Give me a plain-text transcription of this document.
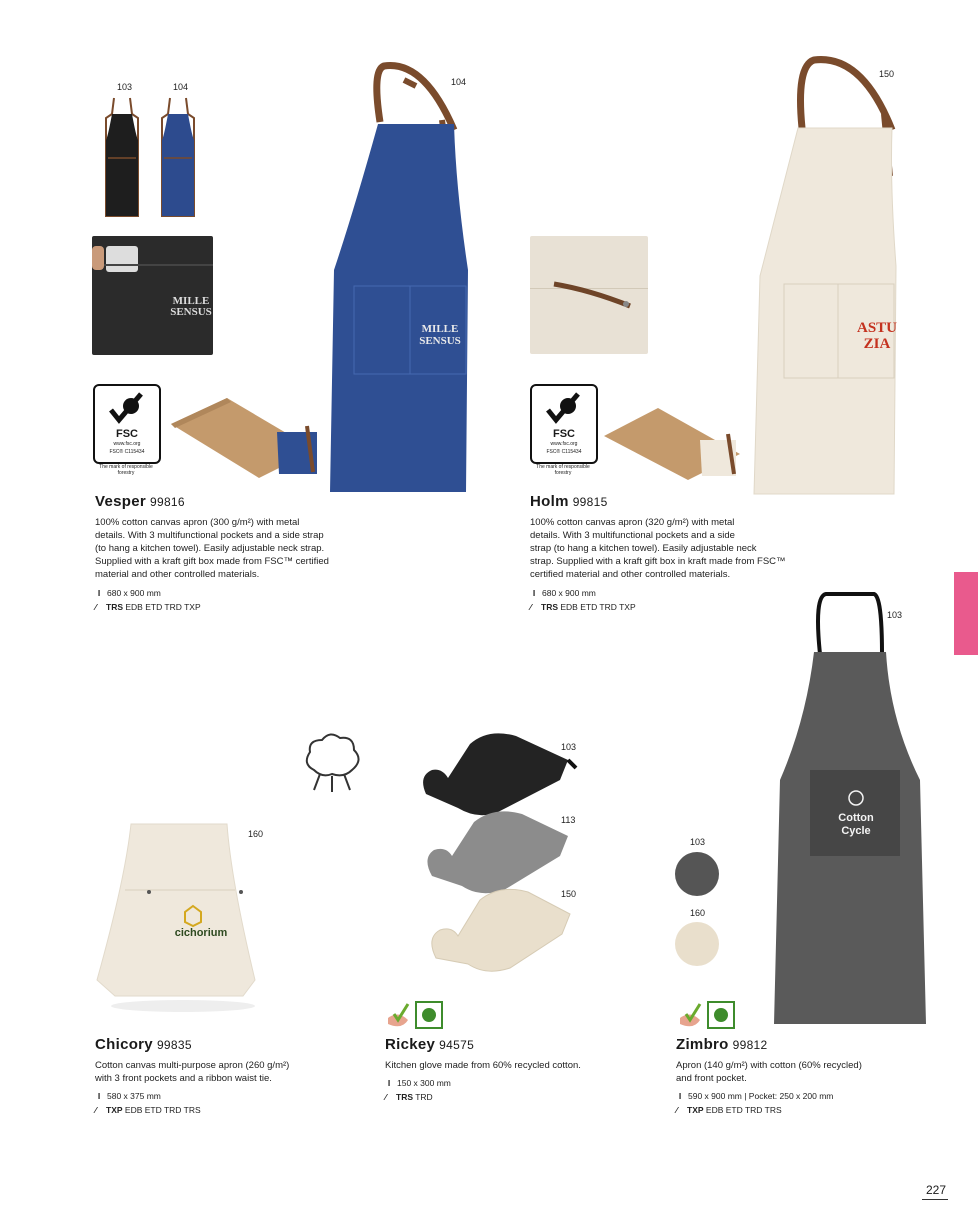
103	104
MILLE SENSUS
104
MILLE
SENSUS
FSC
www.fsc.org
FSC® C115434
The mark of responsible forestry
Vesper 99816
100% cotton canvas apron (300 g/m²) with metal
details. With 3 multifunctional pockets and a side strap
(to hang a kitchen towel). Easily adjustable neck strap.
Supplied with a kraft gift box made from FSC™ certified
material and other controlled materials.
I 680 x 900 mm
⁄ TRS EDB ETD TRD TXP
150
ASTU
ZIA
FSC
www.fsc.org
FSC® C115434
The mark of responsible forestry
Holm 99815
100% cotton canvas apron (320 g/m²) with metal
details. With 3 multifunctional pockets and a side
strap (to hang a kitchen towel). Easily adjustable neck
strap. Supplied with a kraft gift box in kraft made from FSC™
certified material and other controlled materials.
I 680 x 900 mm
⁄ TRS EDB ETD TRD TXP
103
Cotton
Cycle
103
160
Zimbro 99812
Apron (140 g/m²) with cotton (60% recycled)
and front pocket.
I 590 x 900 mm | Pocket: 250 x 200 mm
⁄ TXP EDB ETD TRD TRS
160
cichorium
Chicory 99835
Cotton canvas multi-purpose apron (260 g/m²)
with 3 front pockets and a ribbon waist tie.
I 580 x 375 mm
⁄ TXP EDB ETD TRD TRS
103
113
150
Rickey 94575
Kitchen glove made from 60% recycled cotton.
I 150 x 300 mm
⁄ TRS TRD
227
